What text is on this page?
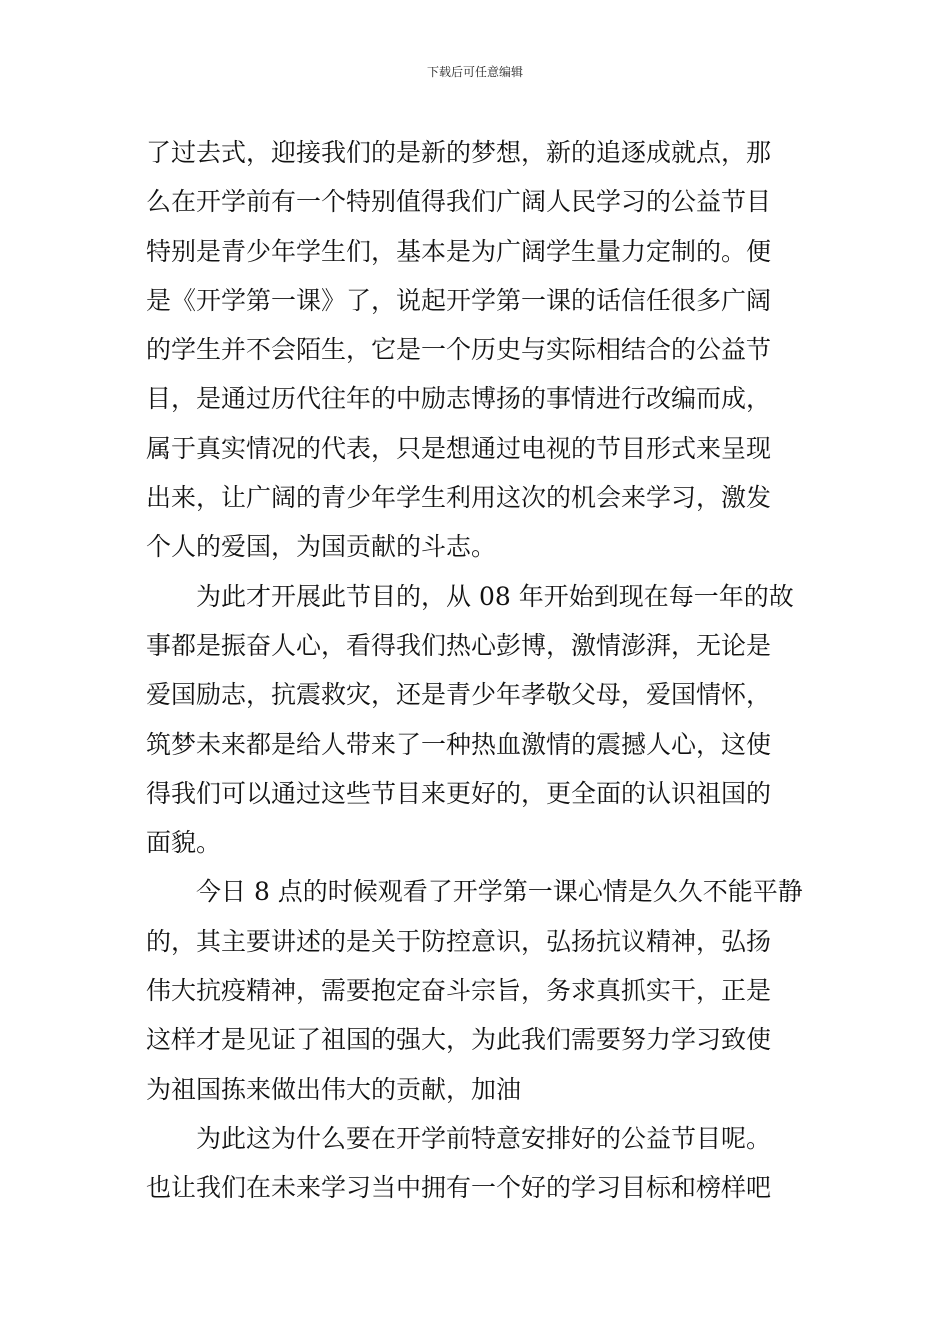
下载后可任意编辑
了过去式，迎接我们的是新的梦想，新的追逐成就点，那
么在开学前有一个特别值得我们广阔人民学习的公益节目
特别是青少年学生们，基本是为广阔学生量力定制的。便
是《开学第一课》了，说起开学第一课的话信任很多广阔
的学生并不会陌生，它是一个历史与实际相结合的公益节
目，是通过历代往年的中励志博扬的事情进行改编而成，
属于真实情况的代表，只是想通过电视的节目形式来呈现
出来，让广阔的青少年学生利用这次的机会来学习，激发
个人的爱国，为国贡献的斗志。
为此才开展此节目的，从 08 年开始到现在每一年的故
事都是振奋人心，看得我们热心彭博，激情澎湃，无论是
爱国励志，抗震救灾，还是青少年孝敬父母，爱国情怀，
筑梦未来都是给人带来了一种热血激情的震撼人心，这使
得我们可以通过这些节目来更好的，更全面的认识祖国的
面貌。
今日 8 点的时候观看了开学第一课心情是久久不能平静
的，其主要讲述的是关于防控意识，弘扬抗议精神，弘扬
伟大抗疫精神，需要抱定奋斗宗旨，务求真抓实干，正是
这样才是见证了祖国的强大，为此我们需要努力学习致使
为祖国拣来做出伟大的贡献，加油
为此这为什么要在开学前特意安排好的公益节目呢。
也让我们在未来学习当中拥有一个好的学习目标和榜样吧
